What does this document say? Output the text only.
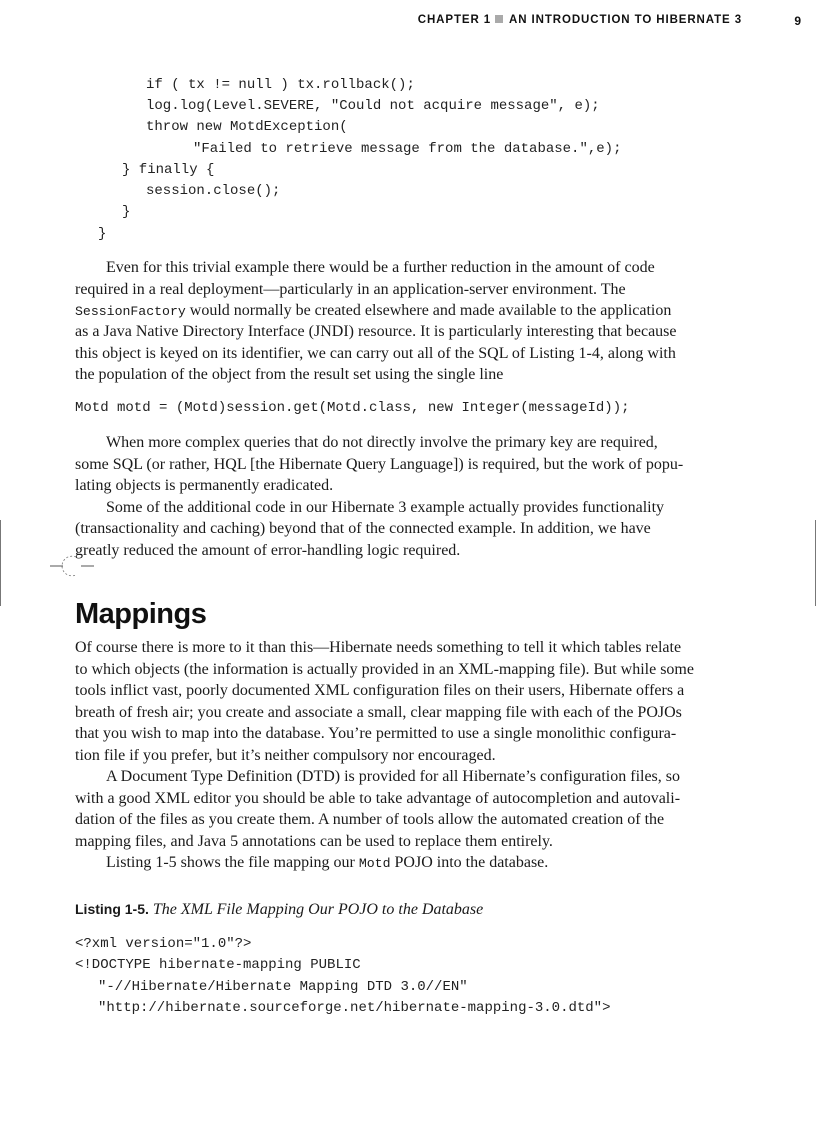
CHAPTER 1 AN INTRODUCTION TO HIBERNATE 3	9
if ( tx != null ) tx.rollback();
log.log(Level.SEVERE, "Could not acquire message", e);
throw new MotdException(
"Failed to retrieve message from the database.",e);
} finally {
session.close();
}
}
Even for this trivial example there would be a further reduction in the amount of code
required in a real deployment—particularly in an application-server environment. The
SessionFactory would normally be created elsewhere and made available to the application
as a Java Native Directory Interface (JNDI) resource. It is particularly interesting that because
this object is keyed on its identifier, we can carry out all of the SQL of Listing 1-4, along with
the population of the object from the result set using the single line
Motd motd = (Motd)session.get(Motd.class, new Integer(messageId));
When more complex queries that do not directly involve the primary key are required,
some SQL (or rather, HQL [the Hibernate Query Language]) is required, but the work of popu-
lating objects is permanently eradicated.
Some of the additional code in our Hibernate 3 example actually provides functionality
(transactionality and caching) beyond that of the connected example. In addition, we have
greatly reduced the amount of error-handling logic required.
Mappings
Of course there is more to it than this—Hibernate needs something to tell it which tables relate
to which objects (the information is actually provided in an XML-mapping file). But while some
tools inflict vast, poorly documented XML configuration files on their users, Hibernate offers a
breath of fresh air; you create and associate a small, clear mapping file with each of the POJOs
that you wish to map into the database. You’re permitted to use a single monolithic configura-
tion file if you prefer, but it’s neither compulsory nor encouraged.
A Document Type Definition (DTD) is provided for all Hibernate’s configuration files, so
with a good XML editor you should be able to take advantage of autocompletion and autovali-
dation of the files as you create them. A number of tools allow the automated creation of the
mapping files, and Java 5 annotations can be used to replace them entirely.
Listing 1-5 shows the file mapping our Motd POJO into the database.
Listing 1-5. The XML File Mapping Our POJO to the Database
<?xml version="1.0"?>
<!DOCTYPE hibernate-mapping PUBLIC
"-//Hibernate/Hibernate Mapping DTD 3.0//EN"
"http://hibernate.sourceforge.net/hibernate-mapping-3.0.dtd">
